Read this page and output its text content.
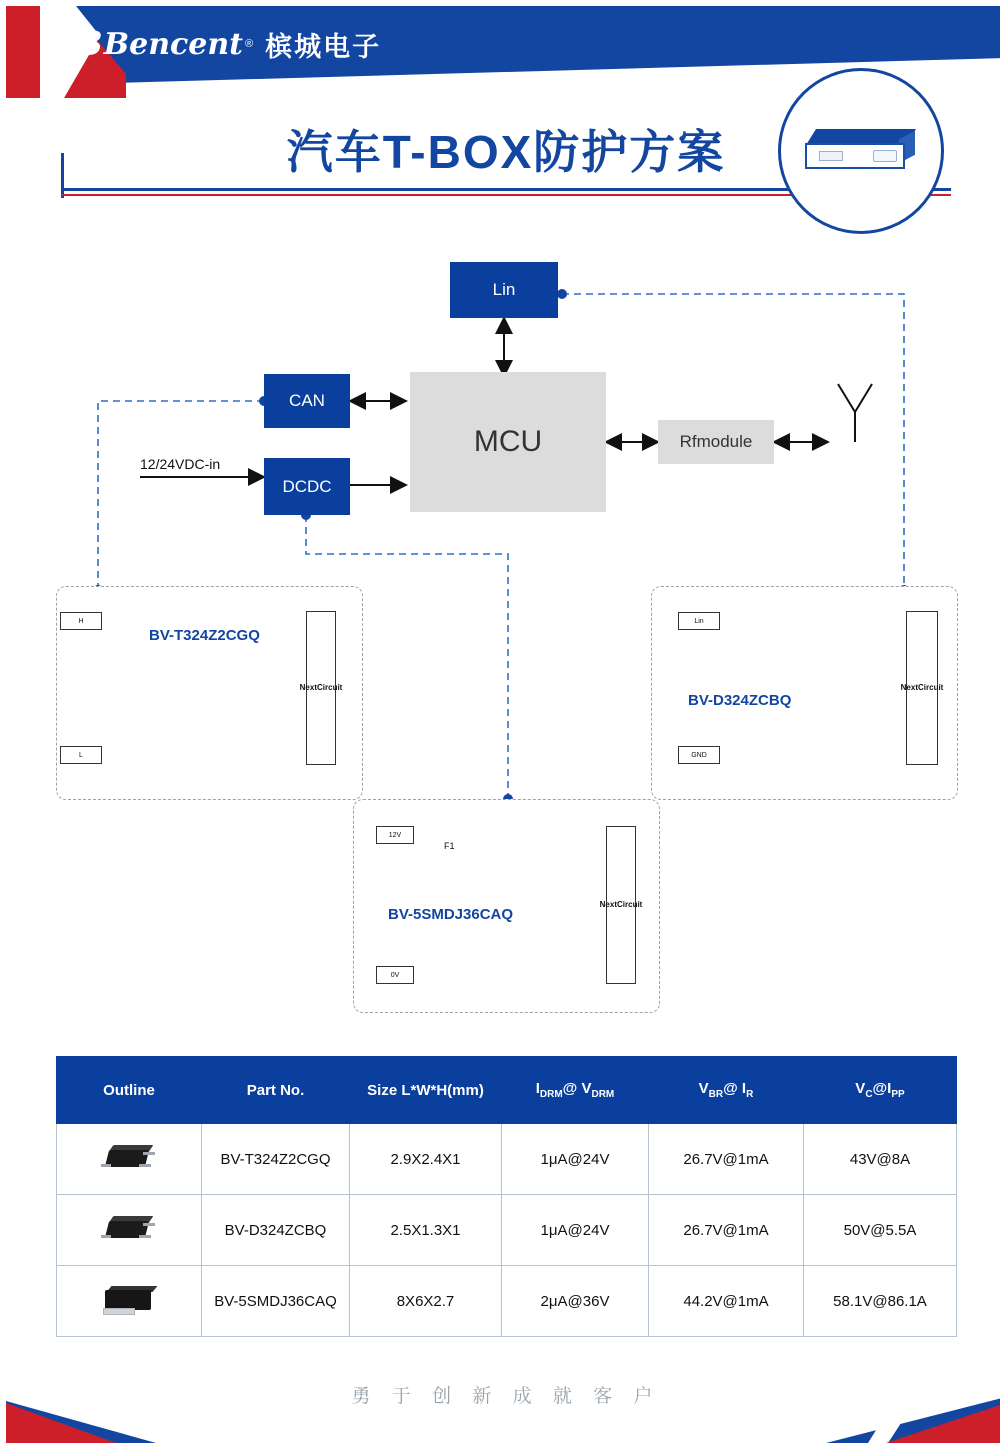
B Bencent ® 槟城电子
汽车T-BOX防护方案
Lin
CAN
DCDC
MCU	Rfmodule
12/24VDC-in
H
L
BV-T324Z2CGQ
Next Circuit
Lin
GND
BV-D324ZCBQ
Next Circuit
12V
0V
F1
BV-5SMDJ36CAQ
Next Circuit
Outline	Part No.	Size L*W*H(mm)	$I_{DRM}@$ $V_{DRM}$	$V_{BR}@$ $I_R$	$V_C@I_{PP}$

	BV-T324Z2CGQ	2.9X2.4X1	1μA@24V	26.7V@1mA	43V@8A

	BV-D324ZCBQ	2.5X1.3X1	1μA@24V	26.7V@1mA	50V@5.5A

	BV-5SMDJ36CAQ	8X6X2.7	2μA@36V	44.2V@1mA	58.1V@86.1A
勇 于 创 新 成 就 客 户
